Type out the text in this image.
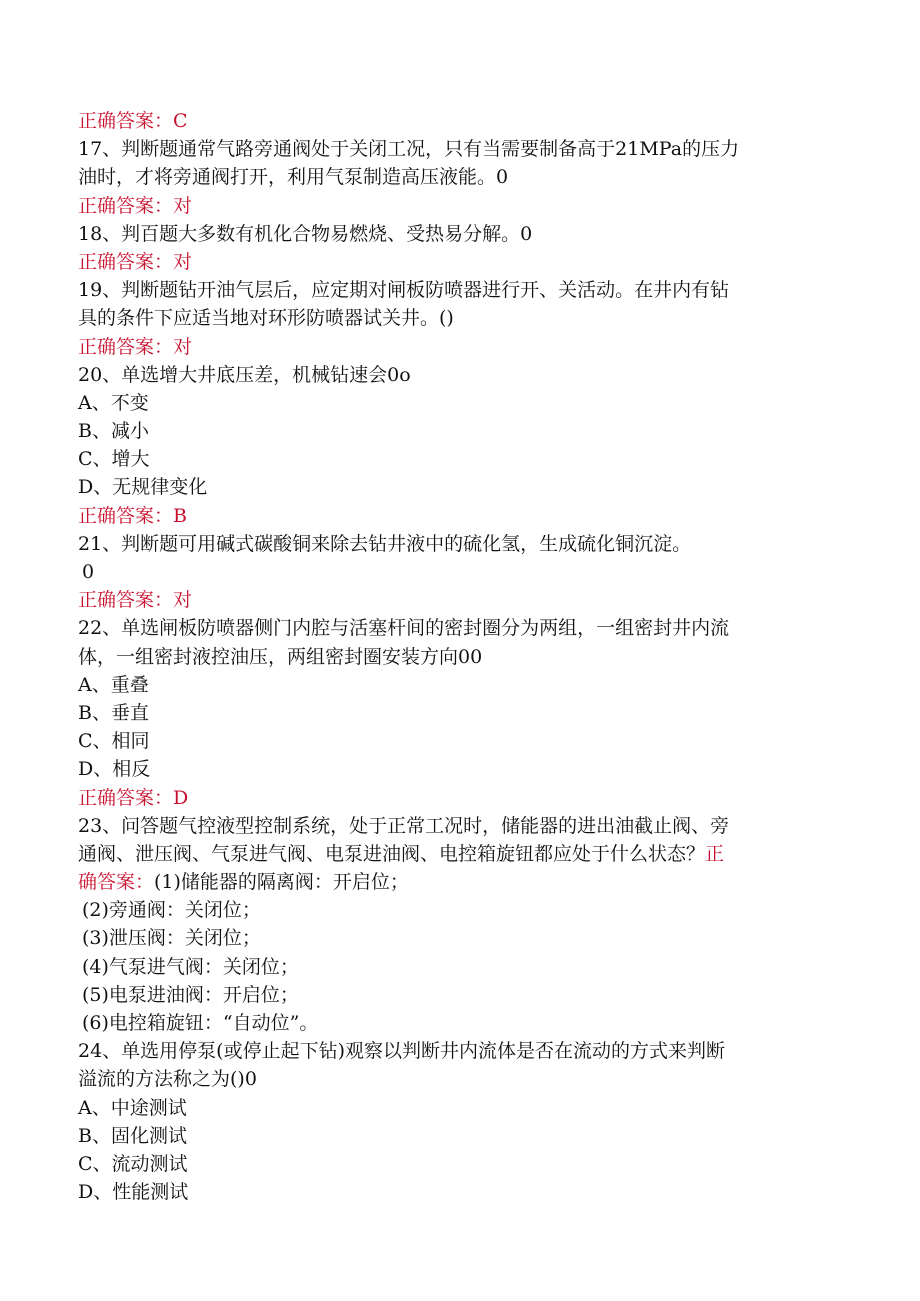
正确答案：C
17、判断题通常气路旁通阀处于关闭工况，只有当需要制备高于21MPa的压力
油时，才将旁通阀打开，利用气泵制造高压液能。0
正确答案：对
18、判百题大多数有机化合物易燃烧、受热易分解。0
正确答案：对
19、判断题钻开油气层后，应定期对闸板防喷器进行开、关活动。在井内有钻
具的条件下应适当地对环形防喷器试关井。()
正确答案：对
20、单选增大井底压差，机械钻速会0o
A、不变
B、减小
C、增大
D、无规律变化
正确答案：B
21、判断题可用碱式碳酸铜来除去钻井液中的硫化氢，生成硫化铜沉淀。
0
正确答案：对
22、单选闸板防喷器侧门内腔与活塞杆间的密封圈分为两组，一组密封井内流
体，一组密封液控油压，两组密封圈安装方向00
A、重叠
B、垂直
C、相同
D、相反
正确答案：D
23、问答题气控液型控制系统，处于正常工况时，储能器的进出油截止阀、旁
通阀、泄压阀、气泵进气阀、电泵进油阀、电控箱旋钮都应处于什么状态？正
确答案：(1)储能器的隔离阀：开启位；
(2)旁通阀：关闭位；
(3)泄压阀：关闭位；
(4)气泵进气阀：关闭位；
(5)电泵进油阀：开启位；
(6)电控箱旋钮：“自动位”。
24、单选用停泵(或停止起下钻)观察以判断井内流体是否在流动的方式来判断
溢流的方法称之为()0
A、中途测试
B、固化测试
C、流动测试
D、性能测试
